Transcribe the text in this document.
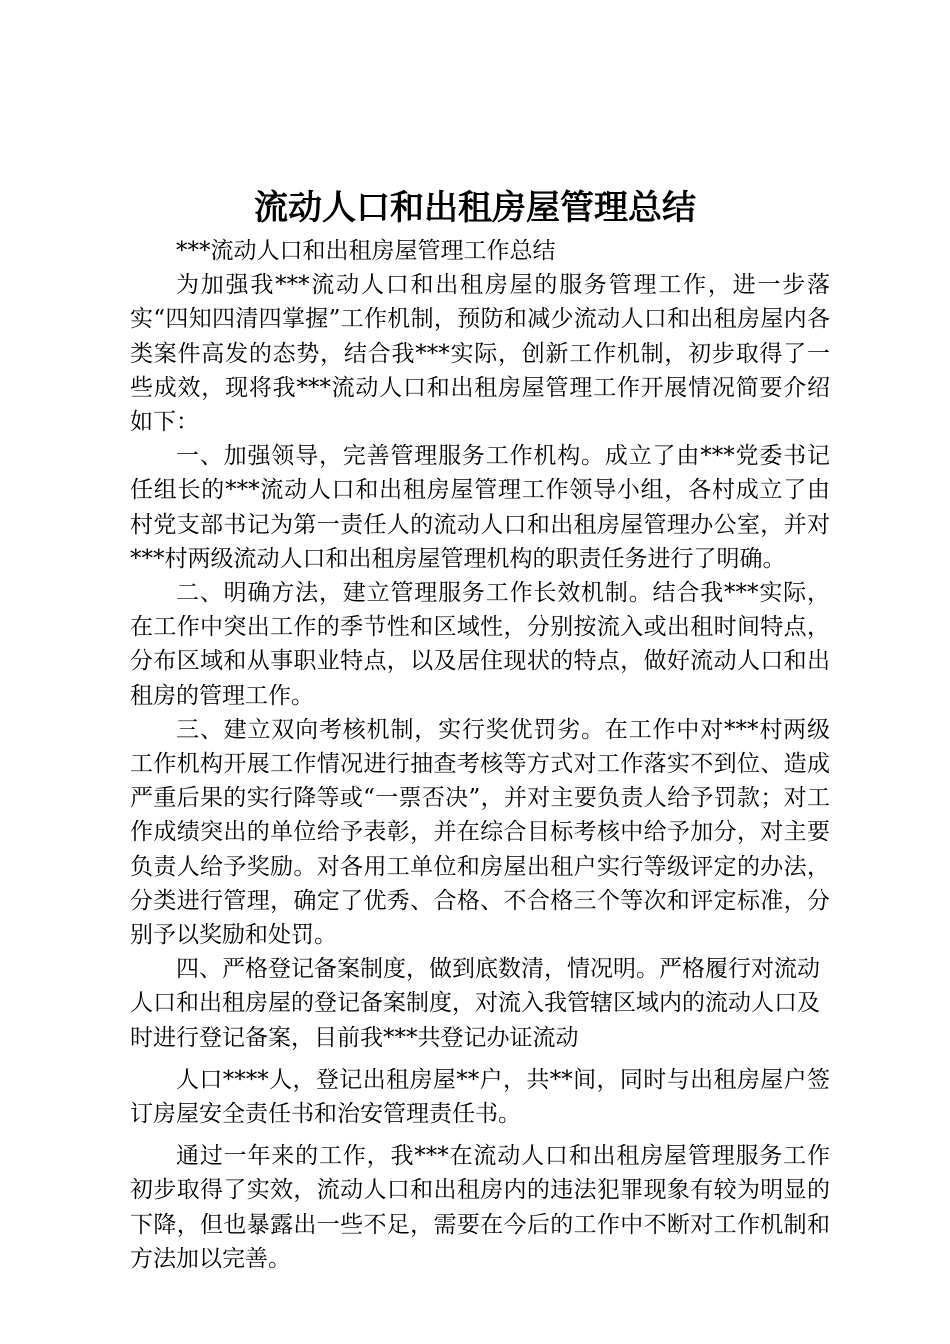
流动人口和出租房屋管理总结

***流动人口和出租房屋管理工作总结

为加强我***流动人口和出租房屋的服务管理工作，进一步落实“四知四清四掌握”工作机制，预防和减少流动人口和出租房屋内各类案件高发的态势，结合我***实际，创新工作机制，初步取得了一些成效，现将我***流动人口和出租房屋管理工作开展情况简要介绍如下：

一、加强领导，完善管理服务工作机构。成立了由***党委书记任组长的***流动人口和出租房屋管理工作领导小组，各村成立了由村党支部书记为第一责任人的流动人口和出租房屋管理办公室，并对***村两级流动人口和出租房屋管理机构的职责任务进行了明确。

二、明确方法，建立管理服务工作长效机制。结合我***实际，在工作中突出工作的季节性和区域性，分别按流入或出租时间特点，分布区域和从事职业特点，以及居住现状的特点，做好流动人口和出租房的管理工作。

三、建立双向考核机制，实行奖优罚劣。在工作中对***村两级工作机构开展工作情况进行抽查考核等方式对工作落实不到位、造成严重后果的实行降等或“一票否决”，并对主要负责人给予罚款；对工作成绩突出的单位给予表彰，并在综合目标考核中给予加分，对主要负责人给予奖励。对各用工单位和房屋出租户实行等级评定的办法，分类进行管理，确定了优秀、合格、不合格三个等次和评定标准，分别予以奖励和处罚。

四、严格登记备案制度，做到底数清，情况明。严格履行对流动人口和出租房屋的登记备案制度，对流入我管辖区域内的流动人口及时进行登记备案，目前我***共登记办证流动

人口****人，登记出租房屋**户，共**间，同时与出租房屋户签订房屋安全责任书和治安管理责任书。

通过一年来的工作，我***在流动人口和出租房屋管理服务工作初步取得了实效，流动人口和出租房内的违法犯罪现象有较为明显的下降，但也暴露出一些不足，需要在今后的工作中不断对工作机制和方法加以完善。
